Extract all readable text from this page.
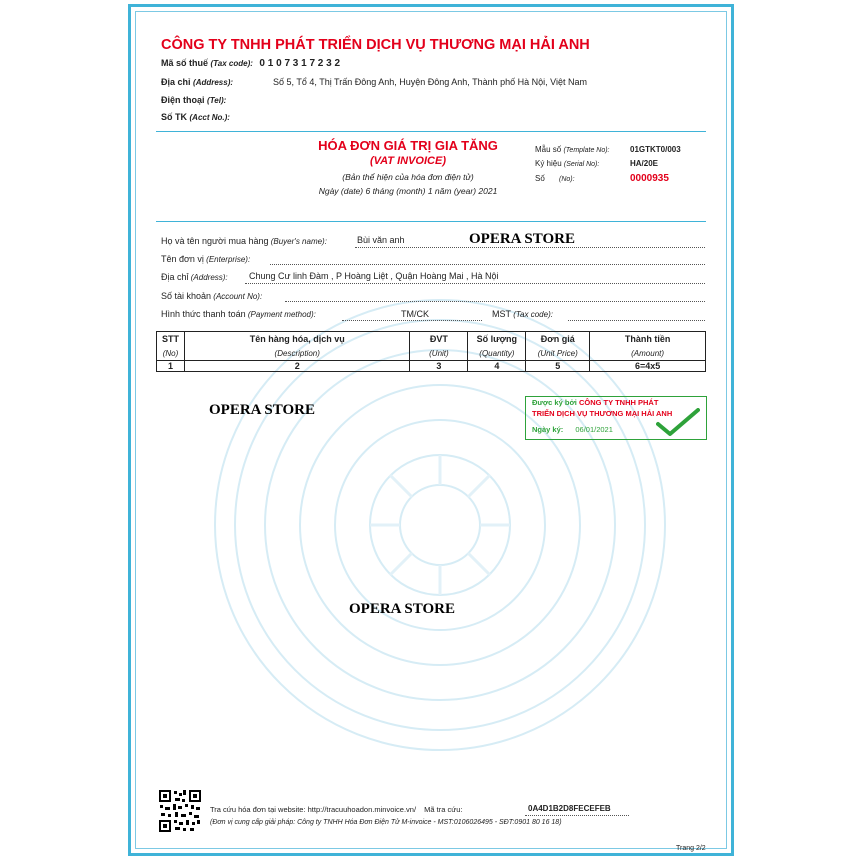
CÔNG TY TNHH PHÁT TRIỂN DỊCH VỤ THƯƠNG MẠI HẢI ANH
Mã số thuế (Tax code): 0 1 0 7 3 1 7 2 3 2
Địa chỉ (Address):	Số 5, Tổ 4, Thị Trấn Đông Anh, Huyện Đông Anh, Thành phố Hà Nội, Việt Nam
Điện thoại (Tel):
Số TK (Acct No.):
HÓA ĐƠN GIÁ TRỊ GIA TĂNG
(VAT INVOICE)
(Bản thể hiện của hóa đơn điện tử)
Ngày (date) 6 tháng (month) 1 năm (year) 2021
Mẫu số (Template No):	01GTKT0/003
Ký hiệu (Serial No):	HA/20E
Số (No):	0000935
Họ và tên người mua hàng (Buyer's name):	Bùi văn anh
Tên đơn vị (Enterprise):
Địa chỉ (Address): Chung Cư linh Đàm , P Hoàng Liệt , Quận Hoàng Mai , Hà Nội
Số tài khoản (Account No):
Hình thức thanh toán (Payment method):	TM/CK	MST (Tax code):
STT	Tên hàng hóa, dịch vụ	ĐVT	Số lượng	Đơn giá	Thành tiền
(No)	(Description)	(Unit)	(Quantity)	(Unit Price)	(Amount)
1	2	3	4	5	6=4x5
OPERA STORE
OPERA STORE
OPERA STORE
Được ký bởi CÔNG TY TNHH PHÁT
TRIỂN DỊCH VỤ THƯƠNG MẠI HẢI ANH
Ngày ký: 06/01/2021
Tra cứu hóa đơn tại website: http://tracuuhoadon.minvoice.vn/ Mã tra cứu:	0A4D1B2D8FECEFEB
(Đơn vị cung cấp giải pháp: Công ty TNHH Hóa Đơn Điện Tử M-invoice - MST:0106026495 - SĐT:0901 80 16 18)
Trang 2/2
